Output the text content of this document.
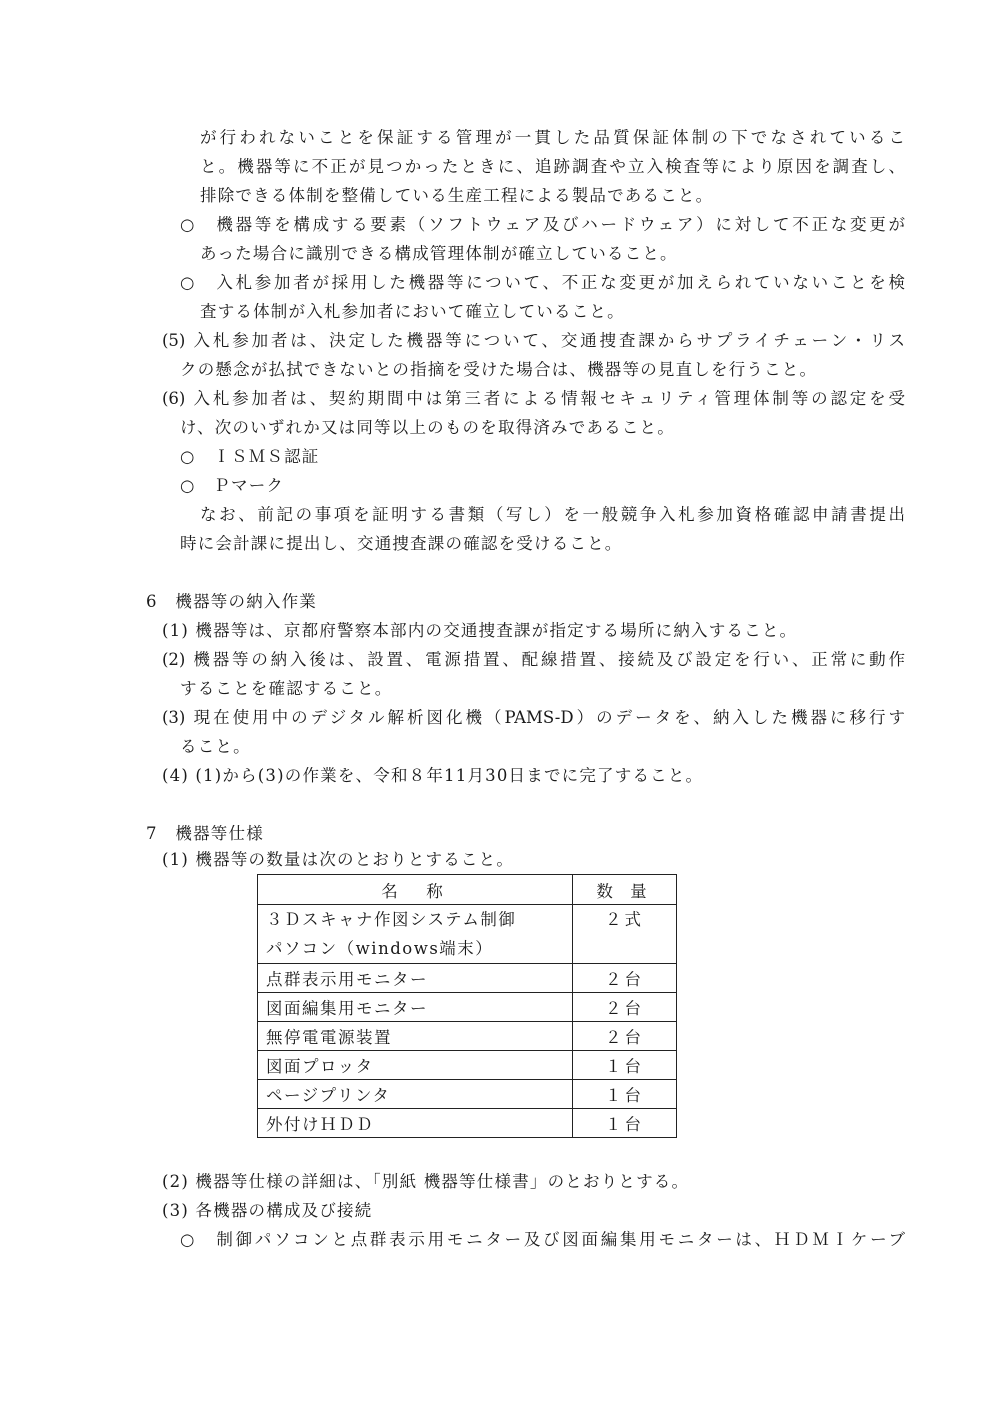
が行われないことを保証する管理が一貫した品質保証体制の下でなされているこ
と。機器等に不正が見つかったときに、追跡調査や立入検査等により原因を調査し、
排除できる体制を整備している生産工程による製品であること。
○　機器等を構成する要素（ソフトウェア及びハードウェア）に対して不正な変更が
あった場合に識別できる構成管理体制が確立していること。
○　入札参加者が採用した機器等について、不正な変更が加えられていないことを検
査する体制が入札参加者において確立していること。
(5) 入札参加者は、決定した機器等について、交通捜査課からサプライチェーン・リス
クの懸念が払拭できないとの指摘を受けた場合は、機器等の見直しを行うこと。
(6) 入札参加者は、契約期間中は第三者による情報セキュリティ管理体制等の認定を受
け、次のいずれか又は同等以上のものを取得済みであること。
○　ＩＳＭＳ認証
○　Ｐマーク
なお、前記の事項を証明する書類（写し）を一般競争入札参加資格確認申請書提出
時に会計課に提出し、交通捜査課の確認を受けること。
6　機器等の納入作業
(1) 機器等は、京都府警察本部内の交通捜査課が指定する場所に納入すること。
(2) 機器等の納入後は、設置、電源措置、配線措置、接続及び設定を行い、正常に動作
することを確認すること。
(3) 現在使用中のデジタル解析図化機（PAMS-D）のデータを、納入した機器に移行す
ること。
(4) (1)から(3)の作業を、令和８年11月30日までに完了すること。
7　機器等仕様
(1) 機器等の数量は次のとおりとすること。
名　称	数 量

３Ｄスキャナ作図システム制御
パソコン（windows端末）	２式

点群表示用モニター	２台
図面編集用モニター	２台
無停電電源装置	２台
図面プロッタ	１台
ページプリンタ	１台
外付けＨＤＤ	１台
(2) 機器等仕様の詳細は、「別紙 機器等仕様書」のとおりとする。
(3) 各機器の構成及び接続
○　制御パソコンと点群表示用モニター及び図面編集用モニターは、ＨＤＭＩケーブ
